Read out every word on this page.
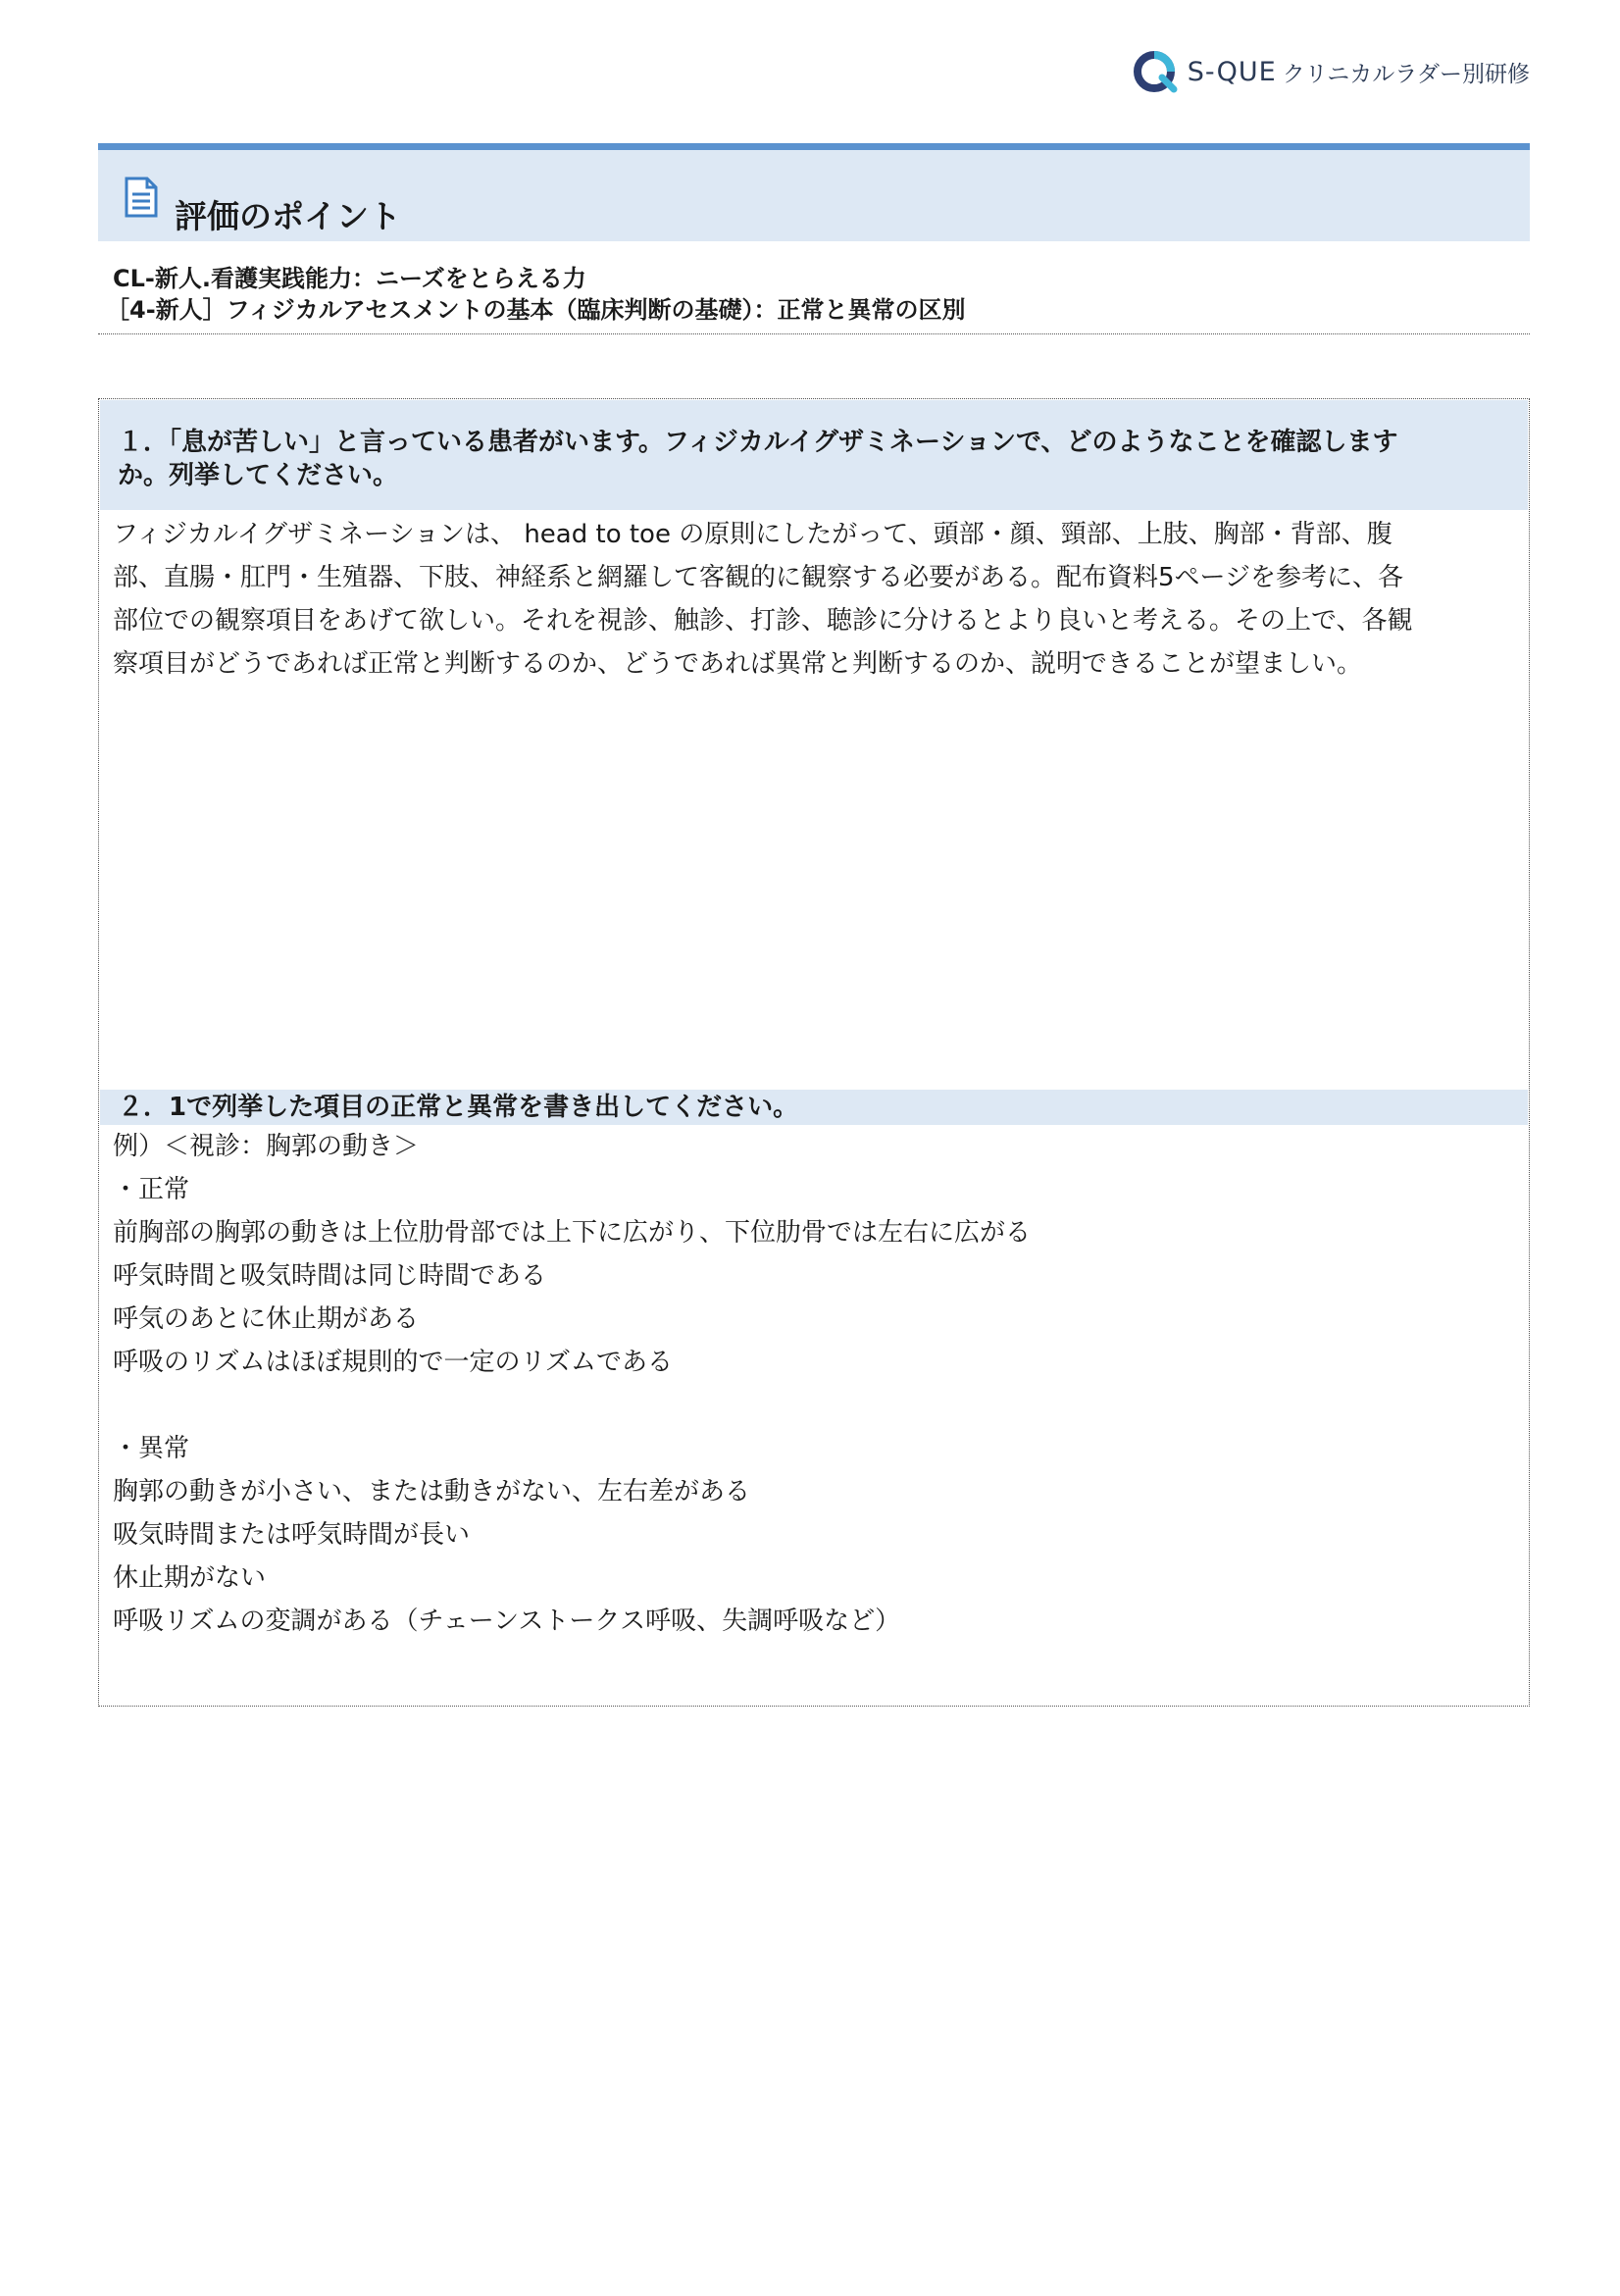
S-QUE クリニカルラダー別研修
評価のポイント
CL-新人.看護実践能力：ニーズをとらえる力
［4-新人］フィジカルアセスメントの基本（臨床判断の基礎）：正常と異常の区別
１．「息が苦しい」と言っている患者がいます。フィジカルイグザミネーションで、どのようなことを確認します
か。列挙してください。
フィジカルイグザミネーションは、 head to toe の原則にしたがって、頭部・顔、頸部、上肢、胸部・背部、腹
部、直腸・肛門・生殖器、下肢、神経系と網羅して客観的に観察する必要がある。配布資料5ページを参考に、各
部位での観察項目をあげて欲しい。それを視診、触診、打診、聴診に分けるとより良いと考える。その上で、各観
察項目がどうであれば正常と判断するのか、どうであれば異常と判断するのか、説明できることが望ましい。
２．1で列挙した項目の正常と異常を書き出してください。
例）＜視診：胸郭の動き＞
・正常
前胸部の胸郭の動きは上位肋骨部では上下に広がり、下位肋骨では左右に広がる
呼気時間と吸気時間は同じ時間である
呼気のあとに休止期がある
呼吸のリズムはほぼ規則的で一定のリズムである
・異常
胸郭の動きが小さい、または動きがない、左右差がある
吸気時間または呼気時間が長い
休止期がない
呼吸リズムの変調がある（チェーンストークス呼吸、失調呼吸など）
